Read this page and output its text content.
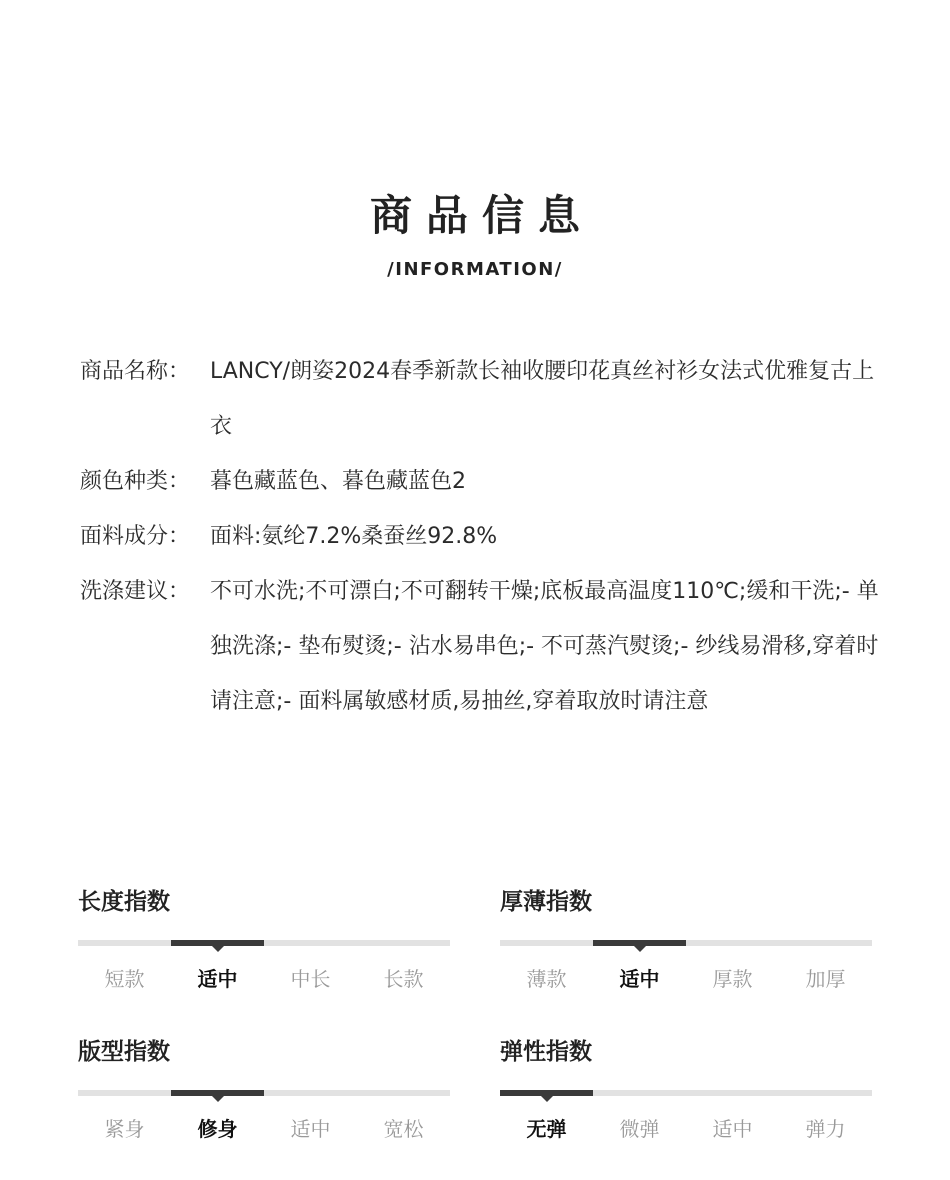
商品信息
/INFORMATION/
商品名称： LANCY/朗姿2024春季新款长袖收腰印花真丝衬衫女法式优雅复古上衣
颜色种类： 暮色藏蓝色、暮色藏蓝色2
面料成分： 面料:氨纶7.2%桑蚕丝92.8%
洗涤建议： 不可水洗;不可漂白;不可翻转干燥;底板最高温度110℃;缓和干洗;- 单独洗涤;- 垫布熨烫;- 沾水易串色;- 不可蒸汽熨烫;- 纱线易滑移,穿着时请注意;- 面料属敏感材质,易抽丝,穿着取放时请注意
长度指数
短款	适中	中长	长款
厚薄指数
薄款	适中	厚款	加厚
版型指数
紧身	修身	适中	宽松
弹性指数
无弹	微弹	适中	弹力
